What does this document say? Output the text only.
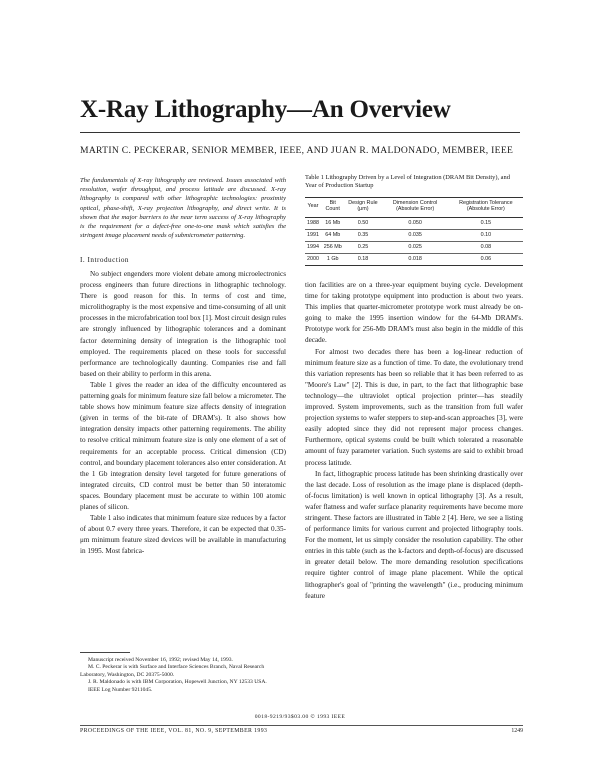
X-Ray Lithography—An Overview
MARTIN C. PECKERAR, SENIOR MEMBER, IEEE, AND JUAN R. MALDONADO, MEMBER, IEEE
The fundamentals of X-ray lithography are reviewed. Issues associated with resolution, wafer throughput, and process latitude are discussed. X-ray lithography is compared with other lithographic technologies: proximity optical, phase-shift, X-ray projection lithography, and direct write. It is shown that the major barriers to the near term success of X-ray lithography is the requirement for a defect-free one-to-one mask which satisfies the stringent image placement needs of submicrometer patterning.
I. Introduction

No subject engenders more violent debate among microelectronics process engineers than future directions in lithographic technology. There is good reason for this. In terms of cost and time, microlithography is the most expensive and time-consuming of all unit processes in the microfabrication tool box [1]. Most circuit design rules are strongly influenced by lithographic tolerances and a dominant factor determining density of integration is the lithographic tool employed. The requirements placed on these tools for successful performance are technologically daunting. Companies rise and fall based on their ability to perform in this arena.

Table 1 gives the reader an idea of the difficulty encountered as patterning goals for minimum feature size fall below a micrometer. The table shows how minimum feature size affects density of integration (given in terms of the bit-rate of DRAM's). It also shows how integration density impacts other patterning requirements. The ability to resolve critical minimum feature size is only one element of a set of requirements for an acceptable process. Critical dimension (CD) control, and boundary placement tolerances also enter consideration. At the 1 Gb integration density level targeted for future generations of integrated circuits, CD control must be better than 50 interatomic spaces. Boundary placement must be accurate to within 100 atomic planes of silicon.

Table 1 also indicates that minimum feature size reduces by a factor of about 0.7 every three years. Therefore, it can be expected that 0.35-μm minimum feature sized devices will be available in manufacturing in 1995. Most fabrica-

Manuscript received November 16, 1992; revised May 14, 1993.
M. C. Peckerar is with Surface and Interface Sciences Branch, Naval Research Laboratory, Washington, DC 20375-5000.
J. R. Maldonado is with IBM Corporation, Hopewell Junction, NY 12533 USA.
IEEE Log Number 9211045.
Table 1 Lithography Driven by a Level of Integration (DRAM Bit Density), and Year of Production Startup
Year	Bit Count	Design Rule (μm)	Dimension Control (Absolute Error)	Registration Tolerance (Absolute Error)
1988	16 Mb	0.50	0.050	0.15
1991	64 Mb	0.35	0.035	0.10
1994	256 Mb	0.25	0.025	0.08
2000	1 Gb	0.18	0.018	0.06

tion facilities are on a three-year equipment buying cycle. Development time for taking prototype equipment into production is about two years. This implies that quarter-micrometer prototype work must already be on-going to make the 1995 insertion window for the 64-Mb DRAM's. Prototype work for 256-Mb DRAM's must also begin in the middle of this decade.

For almost two decades there has been a log-linear reduction of minimum feature size as a function of time. To date, the evolutionary trend this variation represents has been so reliable that it has been referred to as "Moore's Law" [2]. This is due, in part, to the fact that lithographic base technology—the ultraviolet optical projection printer—has steadily improved. System improvements, such as the transition from full wafer projection systems to wafer steppers to step-and-scan approaches [3], were easily adopted since they did not represent major process changes. Furthermore, optical systems could be built which tolerated a reasonable amount of fuzy parameter variation. Such systems are said to exhibit broad process latitude.

In fact, lithographic process latitude has been shrinking drastically over the last decade. Loss of resolution as the image plane is displaced (depth-of-focus limitation) is well known in optical lithography [3]. As a result, wafer flatness and wafer surface planarity requirements have become more stringent. These factors are illustrated in Table 2 [4]. Here, we see a listing of performance limits for various current and projected lithography tools. For the moment, let us simply consider the resolution capability. The other entries in this table (such as the k-factors and depth-of-focus) are discussed in greater detail below. The more demanding resolution specifications require tighter control of image plane placement. While the optical lithographer's goal of "printing the wavelength" (i.e., producing minimum feature

0018-9219/93$03.00 © 1993 IEEE
PROCEEDINGS OF THE IEEE, VOL. 81, NO. 9, SEPTEMBER 1993	1249
